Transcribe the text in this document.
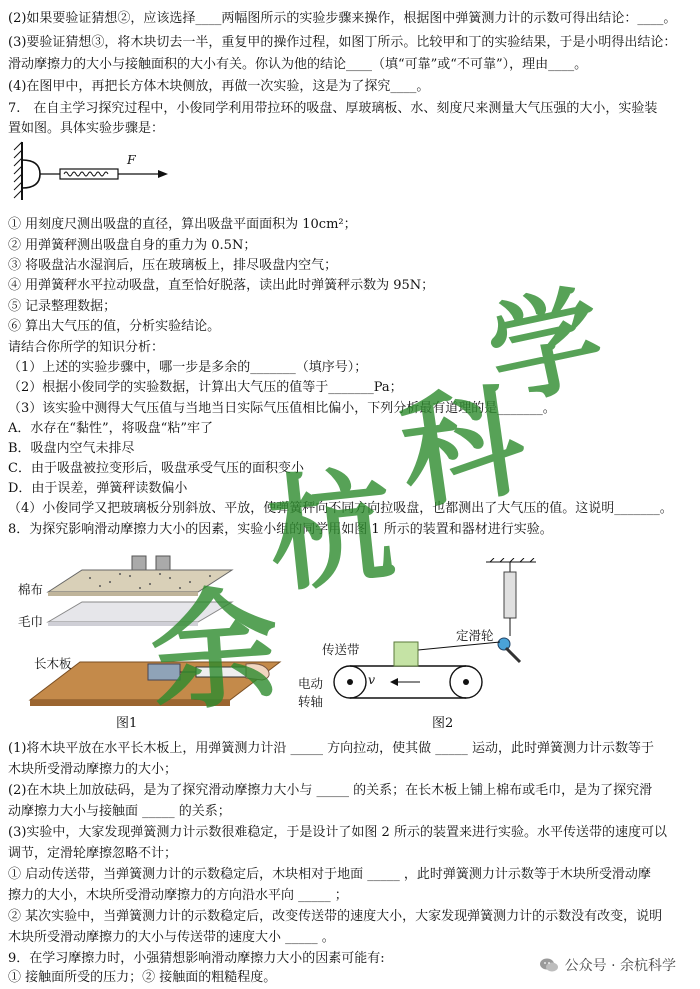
(2)如果要验证猜想②，应该选择____两幅图所示的实验步骤来操作，根据图中弹簧测力计的示数可得出结论：____。
(3)要验证猜想③，将木块切去一半，重复甲的操作过程，如图丁所示。比较甲和丁的实验结果，于是小明得出结论：
滑动摩擦力的大小与接触面积的大小有关。你认为他的结论____（填“可靠”或“不可靠”），理由____。
(4)在图甲中，再把长方体木块侧放，再做一次实验，这是为了探究____。
7.　在自主学习探究过程中，小俊同学利用带拉环的吸盘、厚玻璃板、水、刻度尺来测量大气压强的大小，实验装
置如图。具体实验步骤是：
F
① 用刻度尺测出吸盘的直径，算出吸盘平面面积为 10cm²；
② 用弹簧秤测出吸盘自身的重力为 0.5N；
③ 将吸盘沾水湿润后，压在玻璃板上，排尽吸盘内空气；
④ 用弹簧秤水平拉动吸盘，直至恰好脱落，读出此时弹簧秤示数为 95N；
⑤ 记录整理数据；
⑥ 算出大气压的值，分析实验结论。
请结合你所学的知识分析：
（1）上述的实验步骤中，哪一步是多余的_______（填序号）；
（2）根据小俊同学的实验数据，计算出大气压的值等于_______Pa；
（3）该实验中测得大气压值与当地当日实际气压值相比偏小，下列分析最有道理的是_______。
A．水存在“黏性”，将吸盘“粘”牢了
B．吸盘内空气未排尽
C．由于吸盘被拉变形后，吸盘承受气压的面积变小
D．由于误差，弹簧秤读数偏小
（4）小俊同学又把玻璃板分别斜放、平放，使弹簧秤向不同方向拉吸盘，也都测出了大气压的值。这说明_______。
8．为探究影响滑动摩擦力大小的因素，实验小组的同学用如图 1 所示的装置和器材进行实验。
棉布
毛巾
长木板
图1
传送带
定滑轮
v
电动
转轴
图2
(1)将木块平放在水平长木板上，用弹簧测力计沿 _____ 方向拉动，使其做 _____ 运动，此时弹簧测力计示数等于
木块所受滑动摩擦力的大小；
(2)在木块上加放砝码，是为了探究滑动摩擦力大小与 _____ 的关系；在长木板上铺上棉布或毛巾，是为了探究滑
动摩擦力大小与接触面 _____ 的关系；
(3)实验中，大家发现弹簧测力计示数很难稳定，于是设计了如图 2 所示的装置来进行实验。水平传送带的速度可以
调节，定滑轮摩擦忽略不计；
① 启动传送带，当弹簧测力计的示数稳定后，木块相对于地面 _____ ，此时弹簧测力计示数等于木块所受滑动摩
擦力的大小，木块所受滑动摩擦力的方向沿水平向 _____ ；
② 某次实验中，当弹簧测力计的示数稳定后，改变传送带的速度大小，大家发现弹簧测力计的示数没有改变，说明
木块所受滑动摩擦力的大小与传送带的速度大小 _____ 。
9．在学习摩擦力时，小强猜想影响滑动摩擦力大小的因素可能有:
① 接触面所受的压力；② 接触面的粗糙程度。
学
科
杭
余
公众号 · 余杭科学
